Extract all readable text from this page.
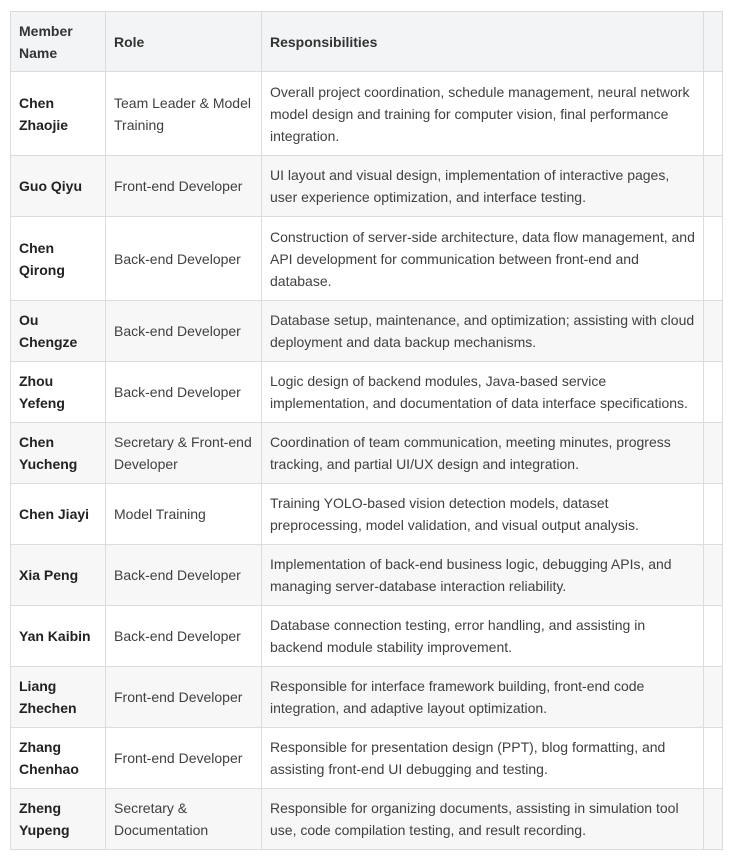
Member Name	Role	Responsibilities	
Chen Zhaojie	Team Leader & Model Training	Overall project coordination, schedule management, neural network model design and training for computer vision, final performance integration.	
Guo Qiyu	Front-end Developer	UI layout and visual design, implementation of interactive pages, user experience optimization, and interface testing.	
Chen Qirong	Back-end Developer	Construction of server-side architecture, data flow management, and API development for communication between front-end and database.	
Ou Chengze	Back-end Developer	Database setup, maintenance, and optimization; assisting with cloud deployment and data backup mechanisms.	
Zhou Yefeng	Back-end Developer	Logic design of backend modules, Java-based service implementation, and documentation of data interface specifications.	
Chen Yucheng	Secretary & Front-end Developer	Coordination of team communication, meeting minutes, progress tracking, and partial UI/UX design and integration.	
Chen Jiayi	Model Training	Training YOLO-based vision detection models, dataset preprocessing, model validation, and visual output analysis.	
Xia Peng	Back-end Developer	Implementation of back-end business logic, debugging APIs, and managing server-database interaction reliability.	
Yan Kaibin	Back-end Developer	Database connection testing, error handling, and assisting in backend module stability improvement.	
Liang Zhechen	Front-end Developer	Responsible for interface framework building, front-end code integration, and adaptive layout optimization.	
Zhang Chenhao	Front-end Developer	Responsible for presentation design (PPT), blog formatting, and assisting front-end UI debugging and testing.	
Zheng Yupeng	Secretary & Documentation	Responsible for organizing documents, assisting in simulation tool use, code compilation testing, and result recording.	
